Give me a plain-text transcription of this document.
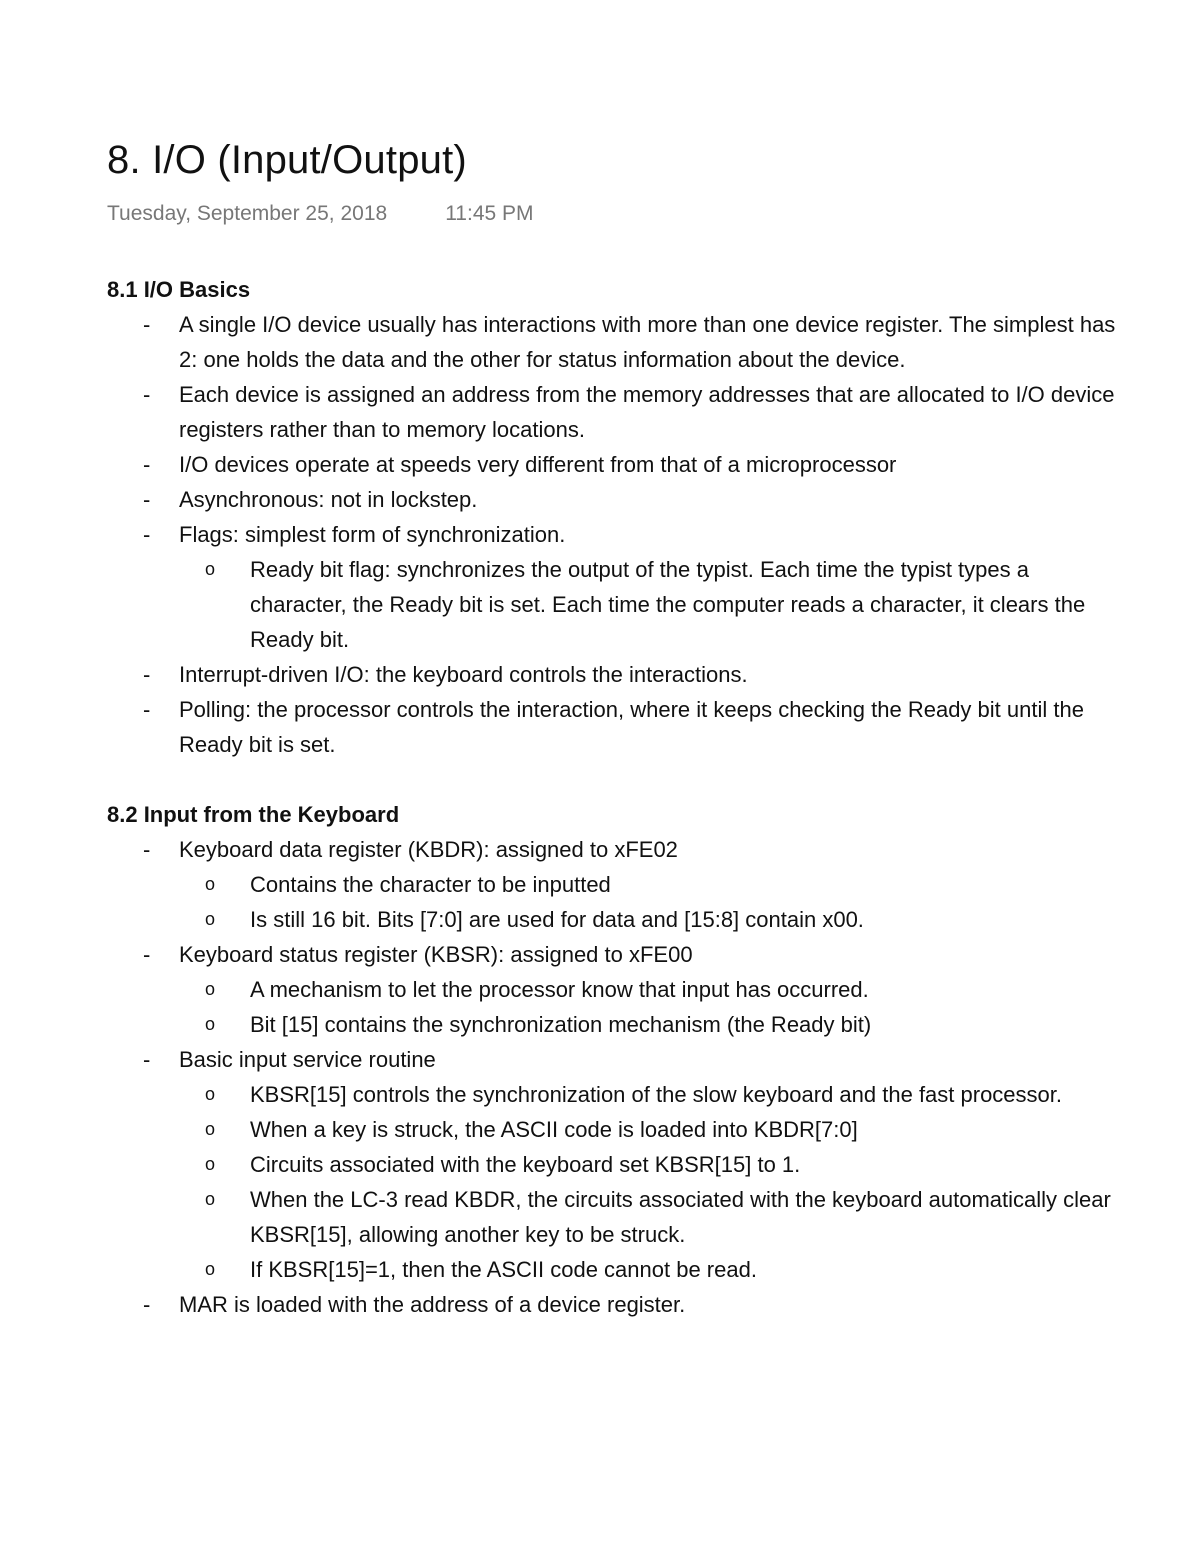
8. I/O (Input/Output)
Tuesday, September 25, 2018	11:45 PM
8.1 I/O Basics
-	A single I/O device usually has interactions with more than one device register. The simplest has 2: one holds the data and the other for status information about the device.
-	Each device is assigned an address from the memory addresses that are allocated to I/O device registers rather than to memory locations.
-	I/O devices operate at speeds very different from that of a microprocessor
-	Asynchronous: not in lockstep.
-	Flags: simplest form of synchronization.
o Ready bit flag: synchronizes the output of the typist. Each time the typist types a character, the Ready bit is set. Each time the computer reads a character, it clears the Ready bit.
-	Interrupt-driven I/O: the keyboard controls the interactions.
-	Polling: the processor controls the interaction, where it keeps checking the Ready bit until the Ready bit is set.
8.2 Input from the Keyboard
-	Keyboard data register (KBDR): assigned to xFE02
o Contains the character to be inputted
o Is still 16 bit. Bits [7:0] are used for data and [15:8] contain x00.
-	Keyboard status register (KBSR): assigned to xFE00
o A mechanism to let the processor know that input has occurred.
o Bit [15] contains the synchronization mechanism (the Ready bit)
-	Basic input service routine
o KBSR[15] controls the synchronization of the slow keyboard and the fast processor.
o When a key is struck, the ASCII code is loaded into KBDR[7:0]
o Circuits associated with the keyboard set KBSR[15] to 1.
o When the LC-3 read KBDR, the circuits associated with the keyboard automatically clear KBSR[15], allowing another key to be struck.
o If KBSR[15]=1, then the ASCII code cannot be read.
-	MAR is loaded with the address of a device register.
